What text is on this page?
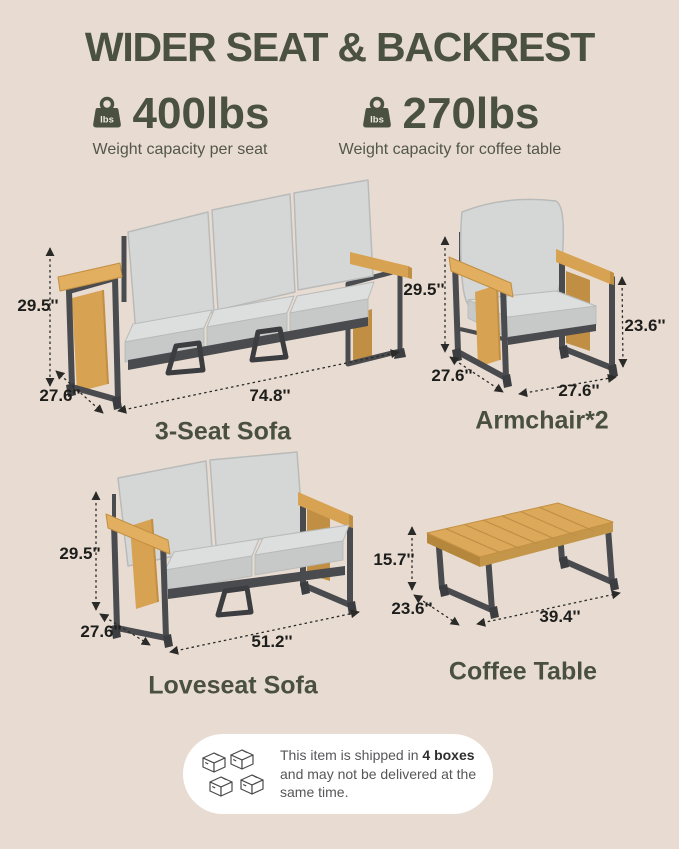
WIDER SEAT & BACKREST
lbs 400lbs
Weight capacity per seat
lbs 270lbs
Weight capacity for coffee table
29.5''
27.6''	74.8''
29.5''
23.6''
27.6''
27.6''
29.5''
27.6''
51.2''
15.7''
23.6''	39.4''
3-Seat Sofa	Armchair*2
Loveseat Sofa	Coffee Table
This item is shipped in 4 boxes and may not be delivered at the same time.
